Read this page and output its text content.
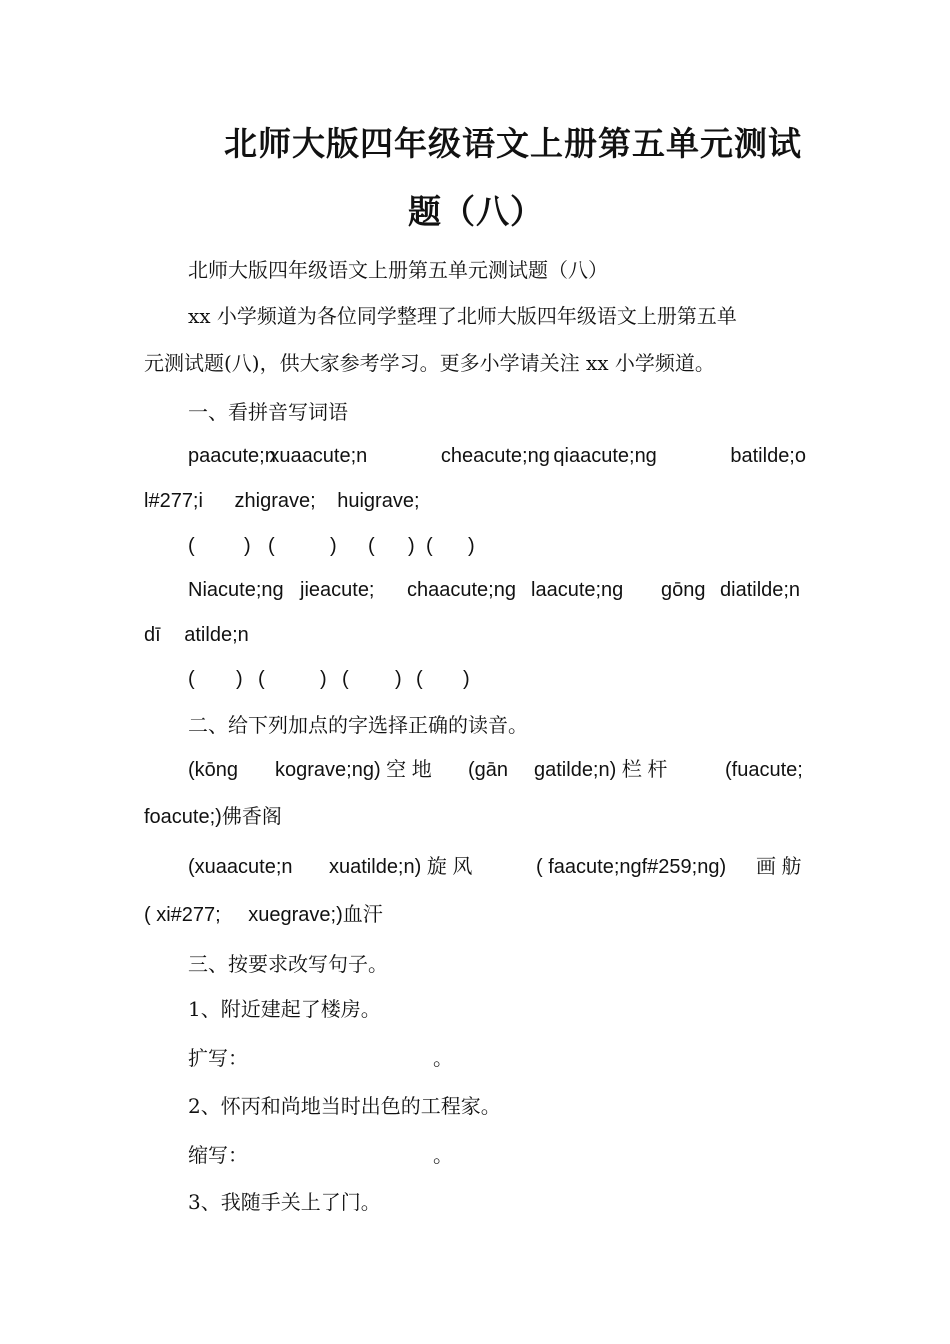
北师大版四年级语文上册第五单元测试
题（八）
北师大版四年级语文上册第五单元测试题（八）
xx 小学频道为各位同学整理了北师大版四年级语文上册第五单
元测试题(八)，供大家参考学习。更多小学请关注 xx 小学频道。
一、看拼音写词语
paacute;n
xuaacute;n	cheacute;ng qiaacute;ng	batilde;o
l#277;i zhigrave; huigrave;
( ) (	) ( ) ( )
Niacute;ng jieacute; chaacute;ng laacute;ng gōng diatilde;n
dī atilde;n
( ) (	) ( ) ( )
二、给下列加点的字选择正确的读音。
(kōng kograve;ng) 空 地 (gān gatilde;n) 栏 杆	(fuacute;
foacute;)佛香阁
(xuaacute;n xuatilde;n) 旋 风	( faacute;ngf#259;ng) 画 舫
( xi#277; xuegrave;)血汗
三、按要求改写句子。
1、附近建起了楼房。
扩写：	。
2、怀丙和尚地当时出色的工程家。
缩写：	。
3、我随手关上了门。
